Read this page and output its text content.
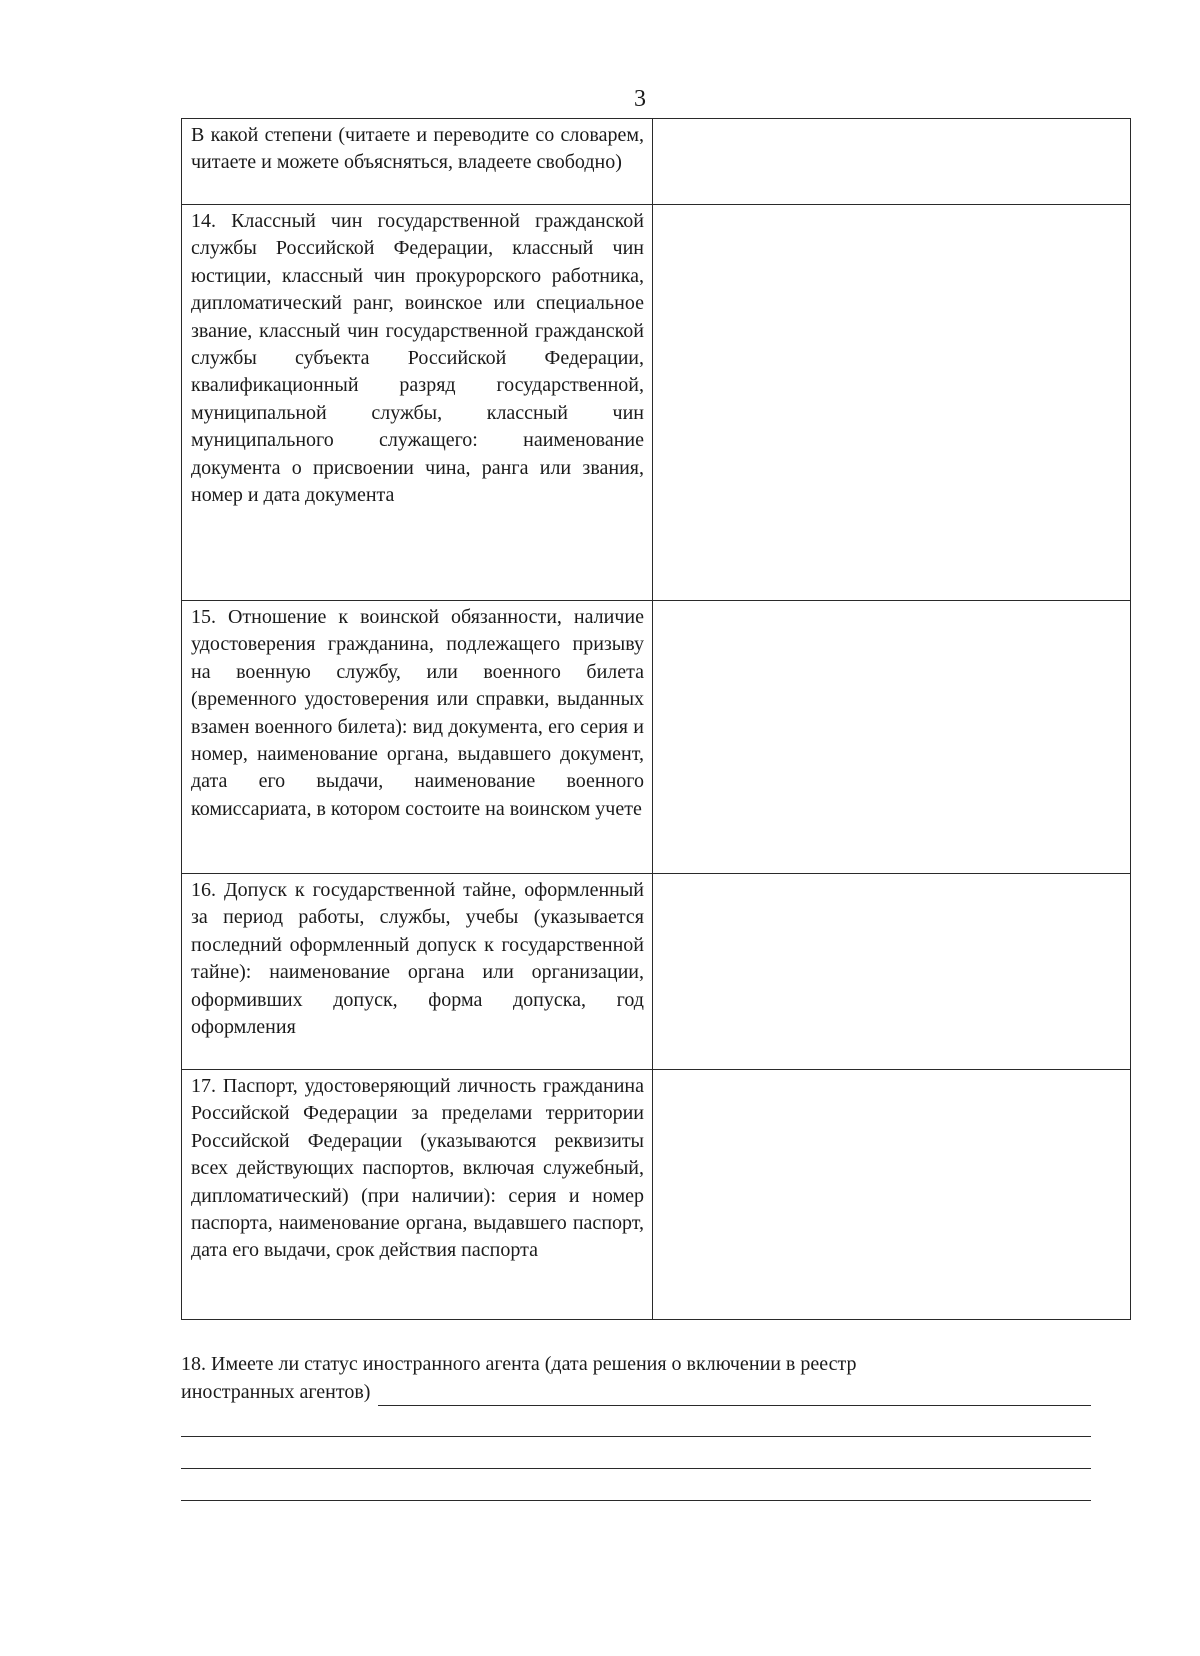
3
В какой степени (читаете и переводите со словарем, читаете и можете объясняться, владеете свободно)	

14. Классный чин государственной гражданской службы Российской Федерации, классный чин юстиции, классный чин прокурорского работника, дипломатический ранг, воинское или специальное звание, классный чин государственной гражданской службы субъекта Российской Федерации, квалификационный разряд государственной, муниципальной службы, классный чин муниципального служащего: наименование документа о присвоении чина, ранга или звания, номер и дата документа	

15. Отношение к воинской обязанности, наличие удостоверения гражданина, подлежащего призыву на военную службу, или военного билета (временного удостоверения или справки, выданных взамен военного билета): вид документа, его серия и номер, наименование органа, выдавшего документ, дата его выдачи, наименование военного комиссариата, в котором состоите на воинском учете	

16. Допуск к государственной тайне, оформленный за период работы, службы, учебы (указывается последний оформленный допуск к государственной тайне): наименование органа или организации, оформивших допуск, форма допуска, год оформления	

17. Паспорт, удостоверяющий личность гражданина Российской Федерации за пределами территории Российской Федерации (указываются реквизиты всех действующих паспортов, включая служебный, дипломатический) (при наличии): серия и номер паспорта, наименование органа, выдавшего паспорт, дата его выдачи, срок действия паспорта	

18. Имеете ли статус иностранного агента (дата решения о включении в реестр
иностранных агентов)
